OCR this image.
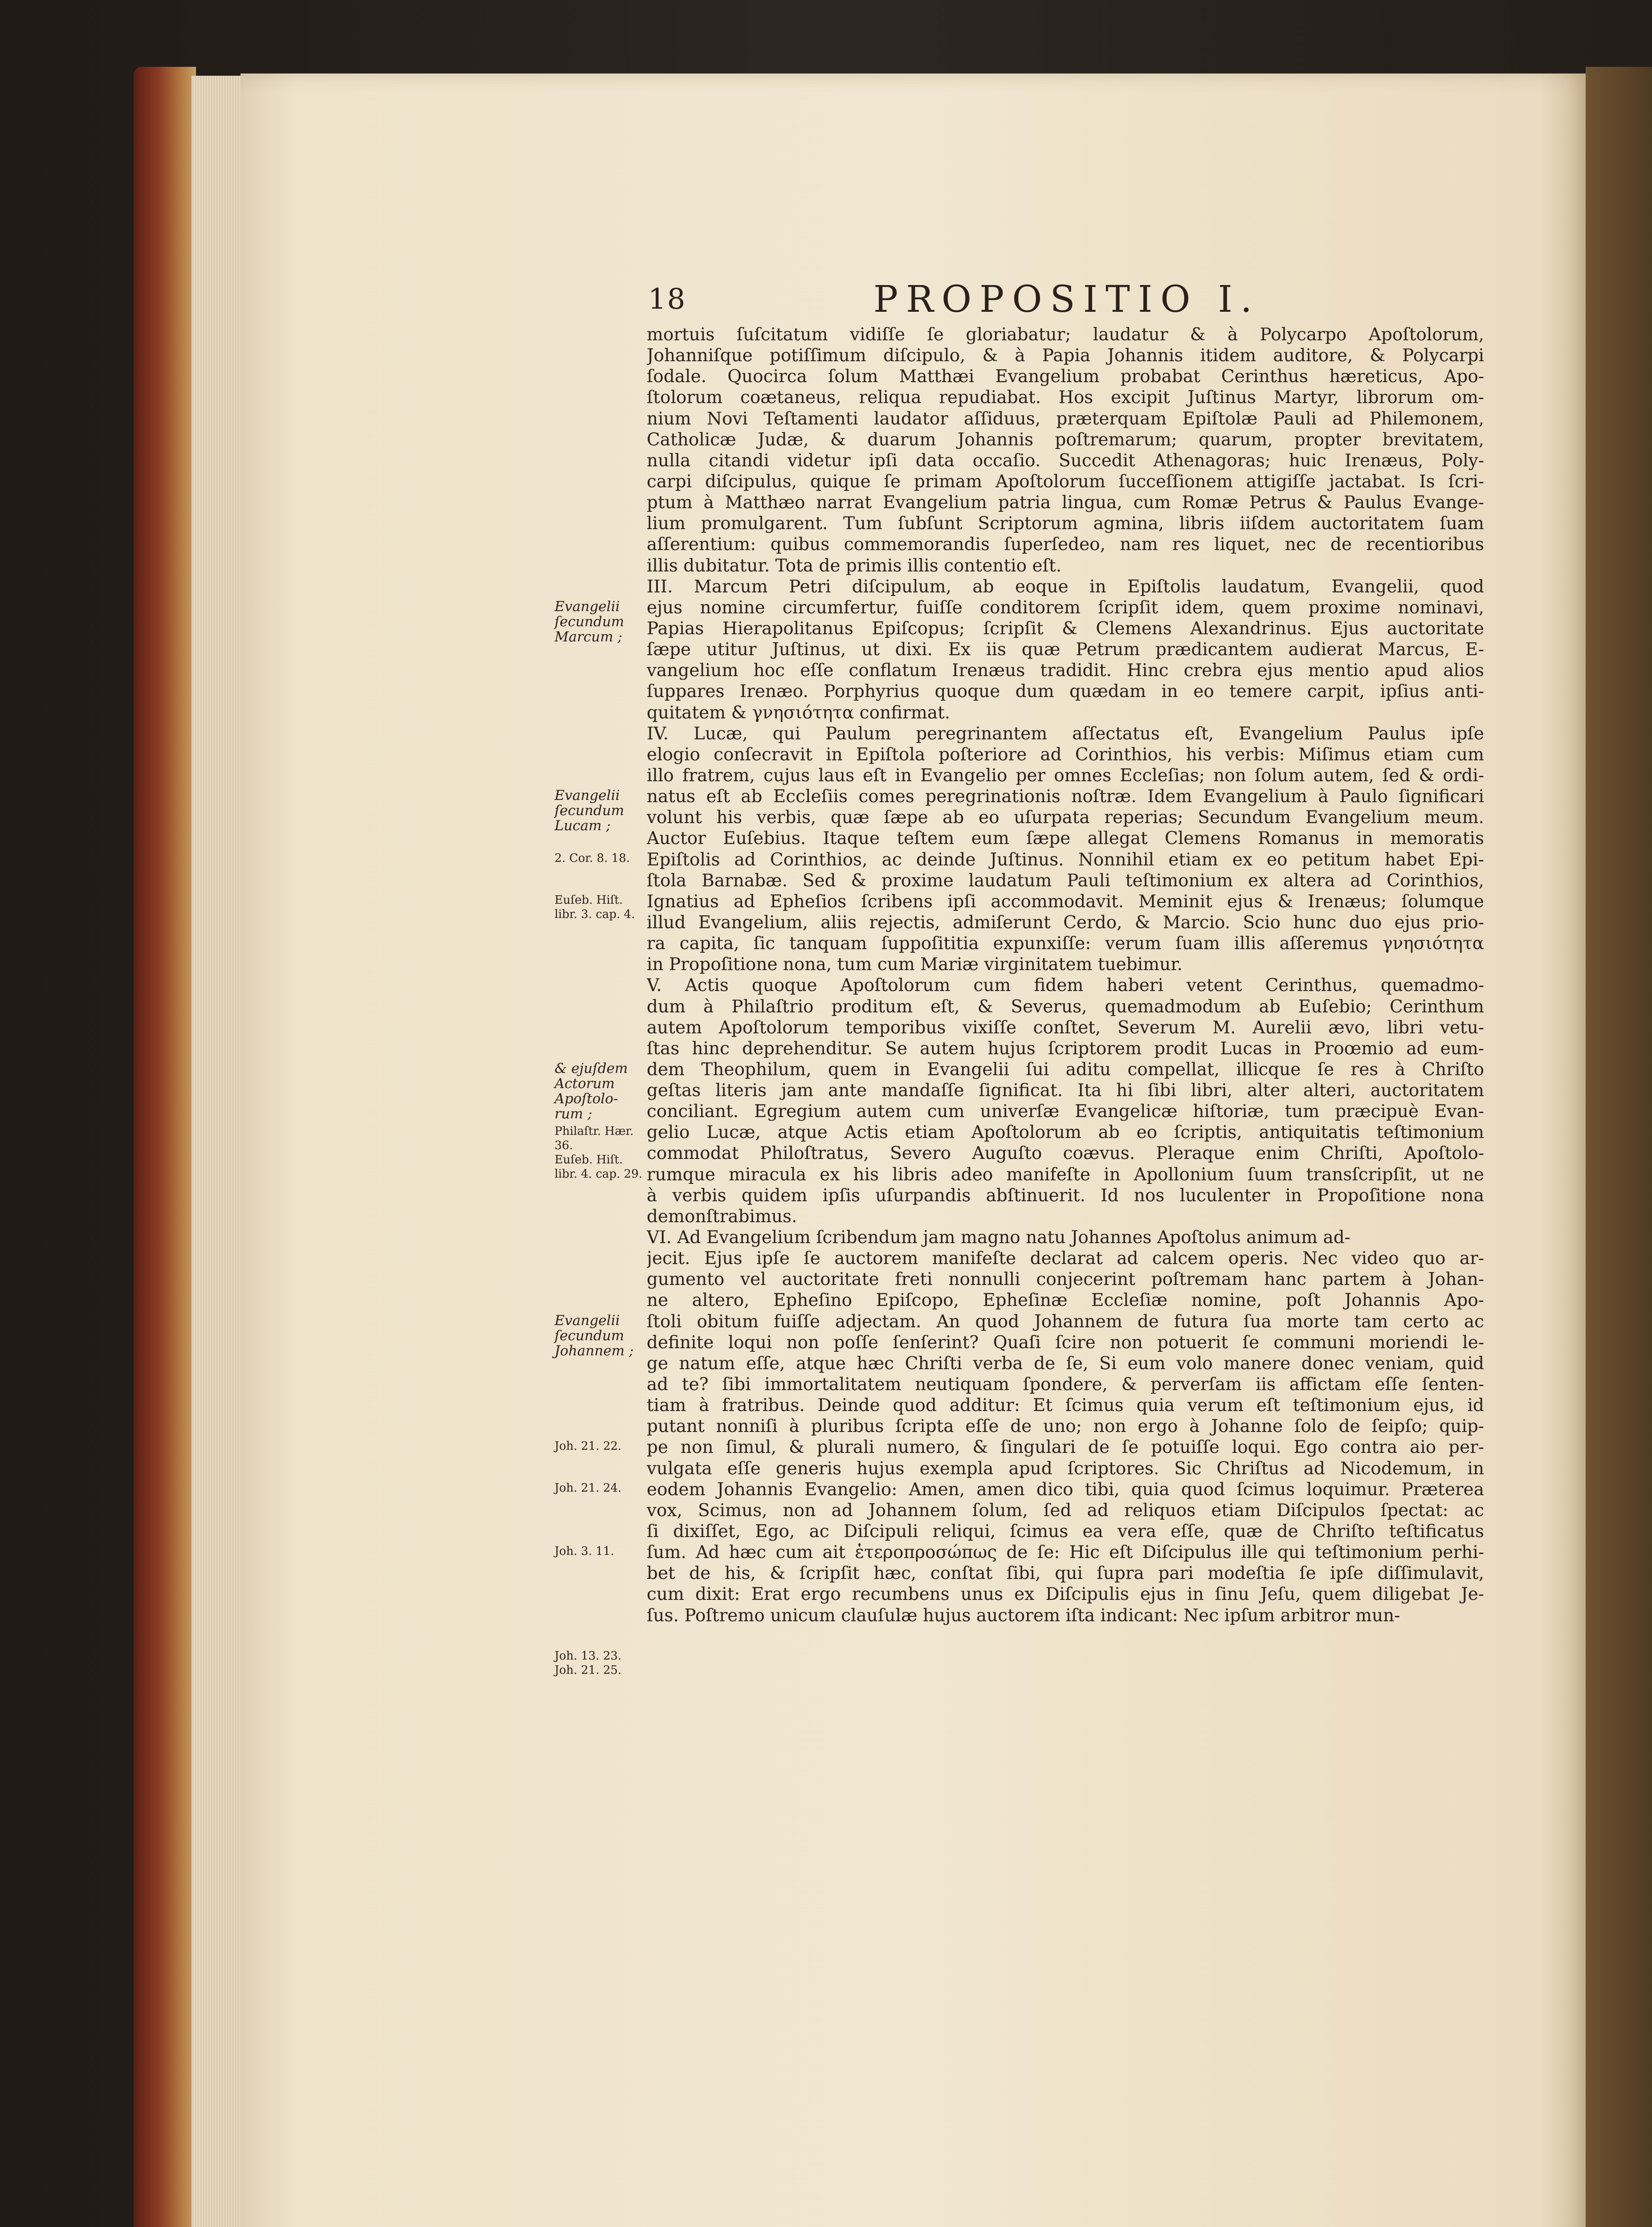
18	PROPOSITIO I.
Evangelii
ſecundum
Marcum ;
Evangelii
ſecundum
Lucam ;
2. Cor. 8. 18.
Euſeb. Hiſt.
libr. 3. cap. 4.
& ejuſdem
Actorum
Apoſtolo-
rum ;
Philaſtr. Hær.
36.
Euſeb. Hiſt.
libr. 4. cap. 29.
Evangelii
ſecundum
Johannem ;
Joh. 21. 22.
Joh. 21. 24.
Joh. 3. 11.
Joh. 13. 23.
Joh. 21. 25.
mortuis ſuſcitatum vidiſſe ſe gloriabatur; laudatur & à Polycarpo Apoſtolorum,
Johanniſque potiſſimum diſcipulo, & à Papia Johannis itidem auditore, & Polycarpi
ſodale. Quocirca ſolum Matthæi Evangelium probabat Cerinthus hæreticus, Apo-
ſtolorum coætaneus, reliqua repudiabat. Hos excipit Juſtinus Martyr, librorum om-
nium Novi Teſtamenti laudator aſſiduus, præterquam Epiſtolæ Pauli ad Philemonem,
Catholicæ Judæ, & duarum Johannis poſtremarum; quarum, propter brevitatem,
nulla citandi videtur ipſi data occaſio. Succedit Athenagoras; huic Irenæus, Poly-
carpi diſcipulus, quique ſe primam Apoſtolorum ſucceſſionem attigiſſe jactabat. Is ſcri-
ptum à Matthæo narrat Evangelium patria lingua, cum Romæ Petrus & Paulus Evange-
lium promulgarent. Tum ſubſunt Scriptorum agmina, libris iiſdem auctoritatem ſuam
aſſerentium: quibus commemorandis ſuperſedeo, nam res liquet, nec de recentioribus
illis dubitatur. Tota de primis illis contentio eſt.
III. Marcum Petri diſcipulum, ab eoque in Epiſtolis laudatum, Evangelii, quod
ejus nomine circumfertur, fuiſſe conditorem ſcripſit idem, quem proxime nominavi,
Papias Hierapolitanus Epiſcopus; ſcripſit & Clemens Alexandrinus. Ejus auctoritate
ſæpe utitur Juſtinus, ut dixi. Ex iis quæ Petrum prædicantem audierat Marcus, E-
vangelium hoc eſſe conflatum Irenæus tradidit. Hinc crebra ejus mentio apud alios
ſuppares Irenæo. Porphyrius quoque dum quædam in eo temere carpit, ipſius anti-
quitatem & γνησιότητα confirmat.
IV. Lucæ, qui Paulum peregrinantem aſſectatus eſt, Evangelium Paulus ipſe
elogio conſecravit in Epiſtola poſteriore ad Corinthios, his verbis: Miſimus etiam cum
illo fratrem, cujus laus eſt in Evangelio per omnes Eccleſias; non ſolum autem, ſed & ordi-
natus eſt ab Eccleſiis comes peregrinationis noſtræ. Idem Evangelium à Paulo ſignificari
volunt his verbis, quæ ſæpe ab eo uſurpata reperias; Secundum Evangelium meum.
Auctor Euſebius. Itaque teſtem eum ſæpe allegat Clemens Romanus in memoratis
Epiſtolis ad Corinthios, ac deinde Juſtinus. Nonnihil etiam ex eo petitum habet Epi-
ſtola Barnabæ. Sed & proxime laudatum Pauli teſtimonium ex altera ad Corinthios,
Ignatius ad Epheſios ſcribens ipſi accommodavit. Meminit ejus & Irenæus; ſolumque
illud Evangelium, aliis rejectis, admiſerunt Cerdo, & Marcio. Scio hunc duo ejus prio-
ra capita, ſic tanquam ſuppoſititia expunxiſſe: verum ſuam illis aſſeremus γνησιότητα
in Propoſitione nona, tum cum Mariæ virginitatem tuebimur.
V. Actis quoque Apoſtolorum cum fidem haberi vetent Cerinthus, quemadmo-
dum à Philaſtrio proditum eſt, & Severus, quemadmodum ab Euſebio; Cerinthum
autem Apoſtolorum temporibus vixiſſe conſtet, Severum M. Aurelii ævo, libri vetu-
ſtas hinc deprehenditur. Se autem hujus ſcriptorem prodit Lucas in Proœmio ad eum-
dem Theophilum, quem in Evangelii ſui aditu compellat, illicque ſe res à Chriſto
geſtas literis jam ante mandaſſe ſignificat. Ita hi ſibi libri, alter alteri, auctoritatem
conciliant. Egregium autem cum univerſæ Evangelicæ hiſtoriæ, tum præcipuè Evan-
gelio Lucæ, atque Actis etiam Apoſtolorum ab eo ſcriptis, antiquitatis teſtimonium
commodat Philoſtratus, Severo Auguſto coævus. Pleraque enim Chriſti, Apoſtolo-
rumque miracula ex his libris adeo manifeſte in Apollonium ſuum transſcripſit, ut ne
à verbis quidem ipſis uſurpandis abſtinuerit. Id nos luculenter in Propoſitione nona
demonſtrabimus.
VI. Ad Evangelium ſcribendum jam magno natu Johannes Apoſtolus animum ad-
jecit. Ejus ipſe ſe auctorem manifeſte declarat ad calcem operis. Nec video quo ar-
gumento vel auctoritate freti nonnulli conjecerint poſtremam hanc partem à Johan-
ne altero, Epheſino Epiſcopo, Epheſinæ Eccleſiæ nomine, poſt Johannis Apo-
ſtoli obitum fuiſſe adjectam. An quod Johannem de futura ſua morte tam certo ac
definite loqui non poſſe ſenſerint? Quaſi ſcire non potuerit ſe communi moriendi le-
ge natum eſſe, atque hæc Chriſti verba de ſe, Si eum volo manere donec veniam, quid
ad te? ſibi immortalitatem neutiquam ſpondere, & perverſam iis affictam eſſe ſenten-
tiam à fratribus. Deinde quod additur: Et ſcimus quia verum eſt teſtimonium ejus, id
putant nonniſi à pluribus ſcripta eſſe de uno; non ergo à Johanne ſolo de ſeipſo; quip-
pe non ſimul, & plurali numero, & ſingulari de ſe potuiſſe loqui. Ego contra aio per-
vulgata eſſe generis hujus exempla apud ſcriptores. Sic Chriſtus ad Nicodemum, in
eodem Johannis Evangelio: Amen, amen dico tibi, quia quod ſcimus loquimur. Præterea
vox, Scimus, non ad Johannem ſolum, ſed ad reliquos etiam Diſcipulos ſpectat: ac
ſi dixiſſet, Ego, ac Diſcipuli reliqui, ſcimus ea vera eſſe, quæ de Chriſto teſtificatus
ſum. Ad hæc cum ait ἑτεροπροσώπως de ſe: Hic eſt Diſcipulus ille qui teſtimonium perhi-
bet de his, & ſcripſit hæc, conſtat ſibi, qui ſupra pari modeſtia ſe ipſe diſſimulavit,
cum dixit: Erat ergo recumbens unus ex Diſcipulis ejus in ſinu Jeſu, quem diligebat Je-
ſus. Poſtremo unicum clauſulæ hujus auctorem iſta indicant: Nec ipſum arbitror mun-
